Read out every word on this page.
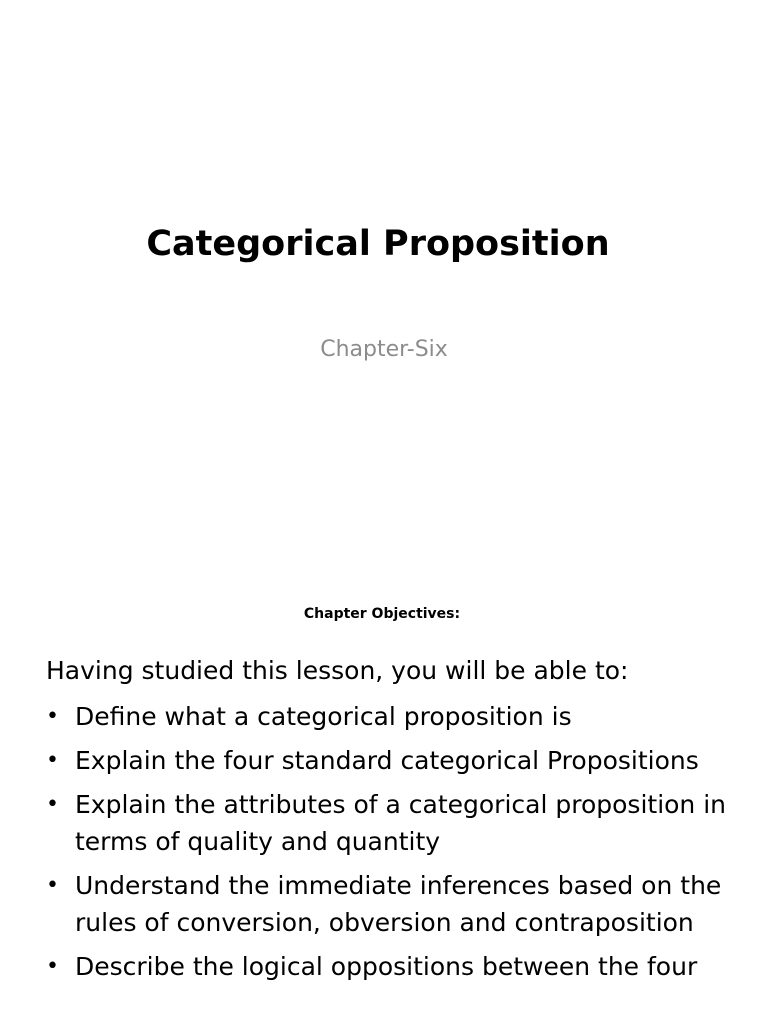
Categorical Proposition

Chapter-Six

Chapter Objectives:

Having studied this lesson, you will be able to:

• Define what a categorical proposition is
• Explain the four standard categorical Propositions
• Explain the attributes of a categorical proposition in terms of quality and quantity
• Understand the immediate inferences based on the rules of conversion, obversion and contraposition
• Describe the logical oppositions between the four
